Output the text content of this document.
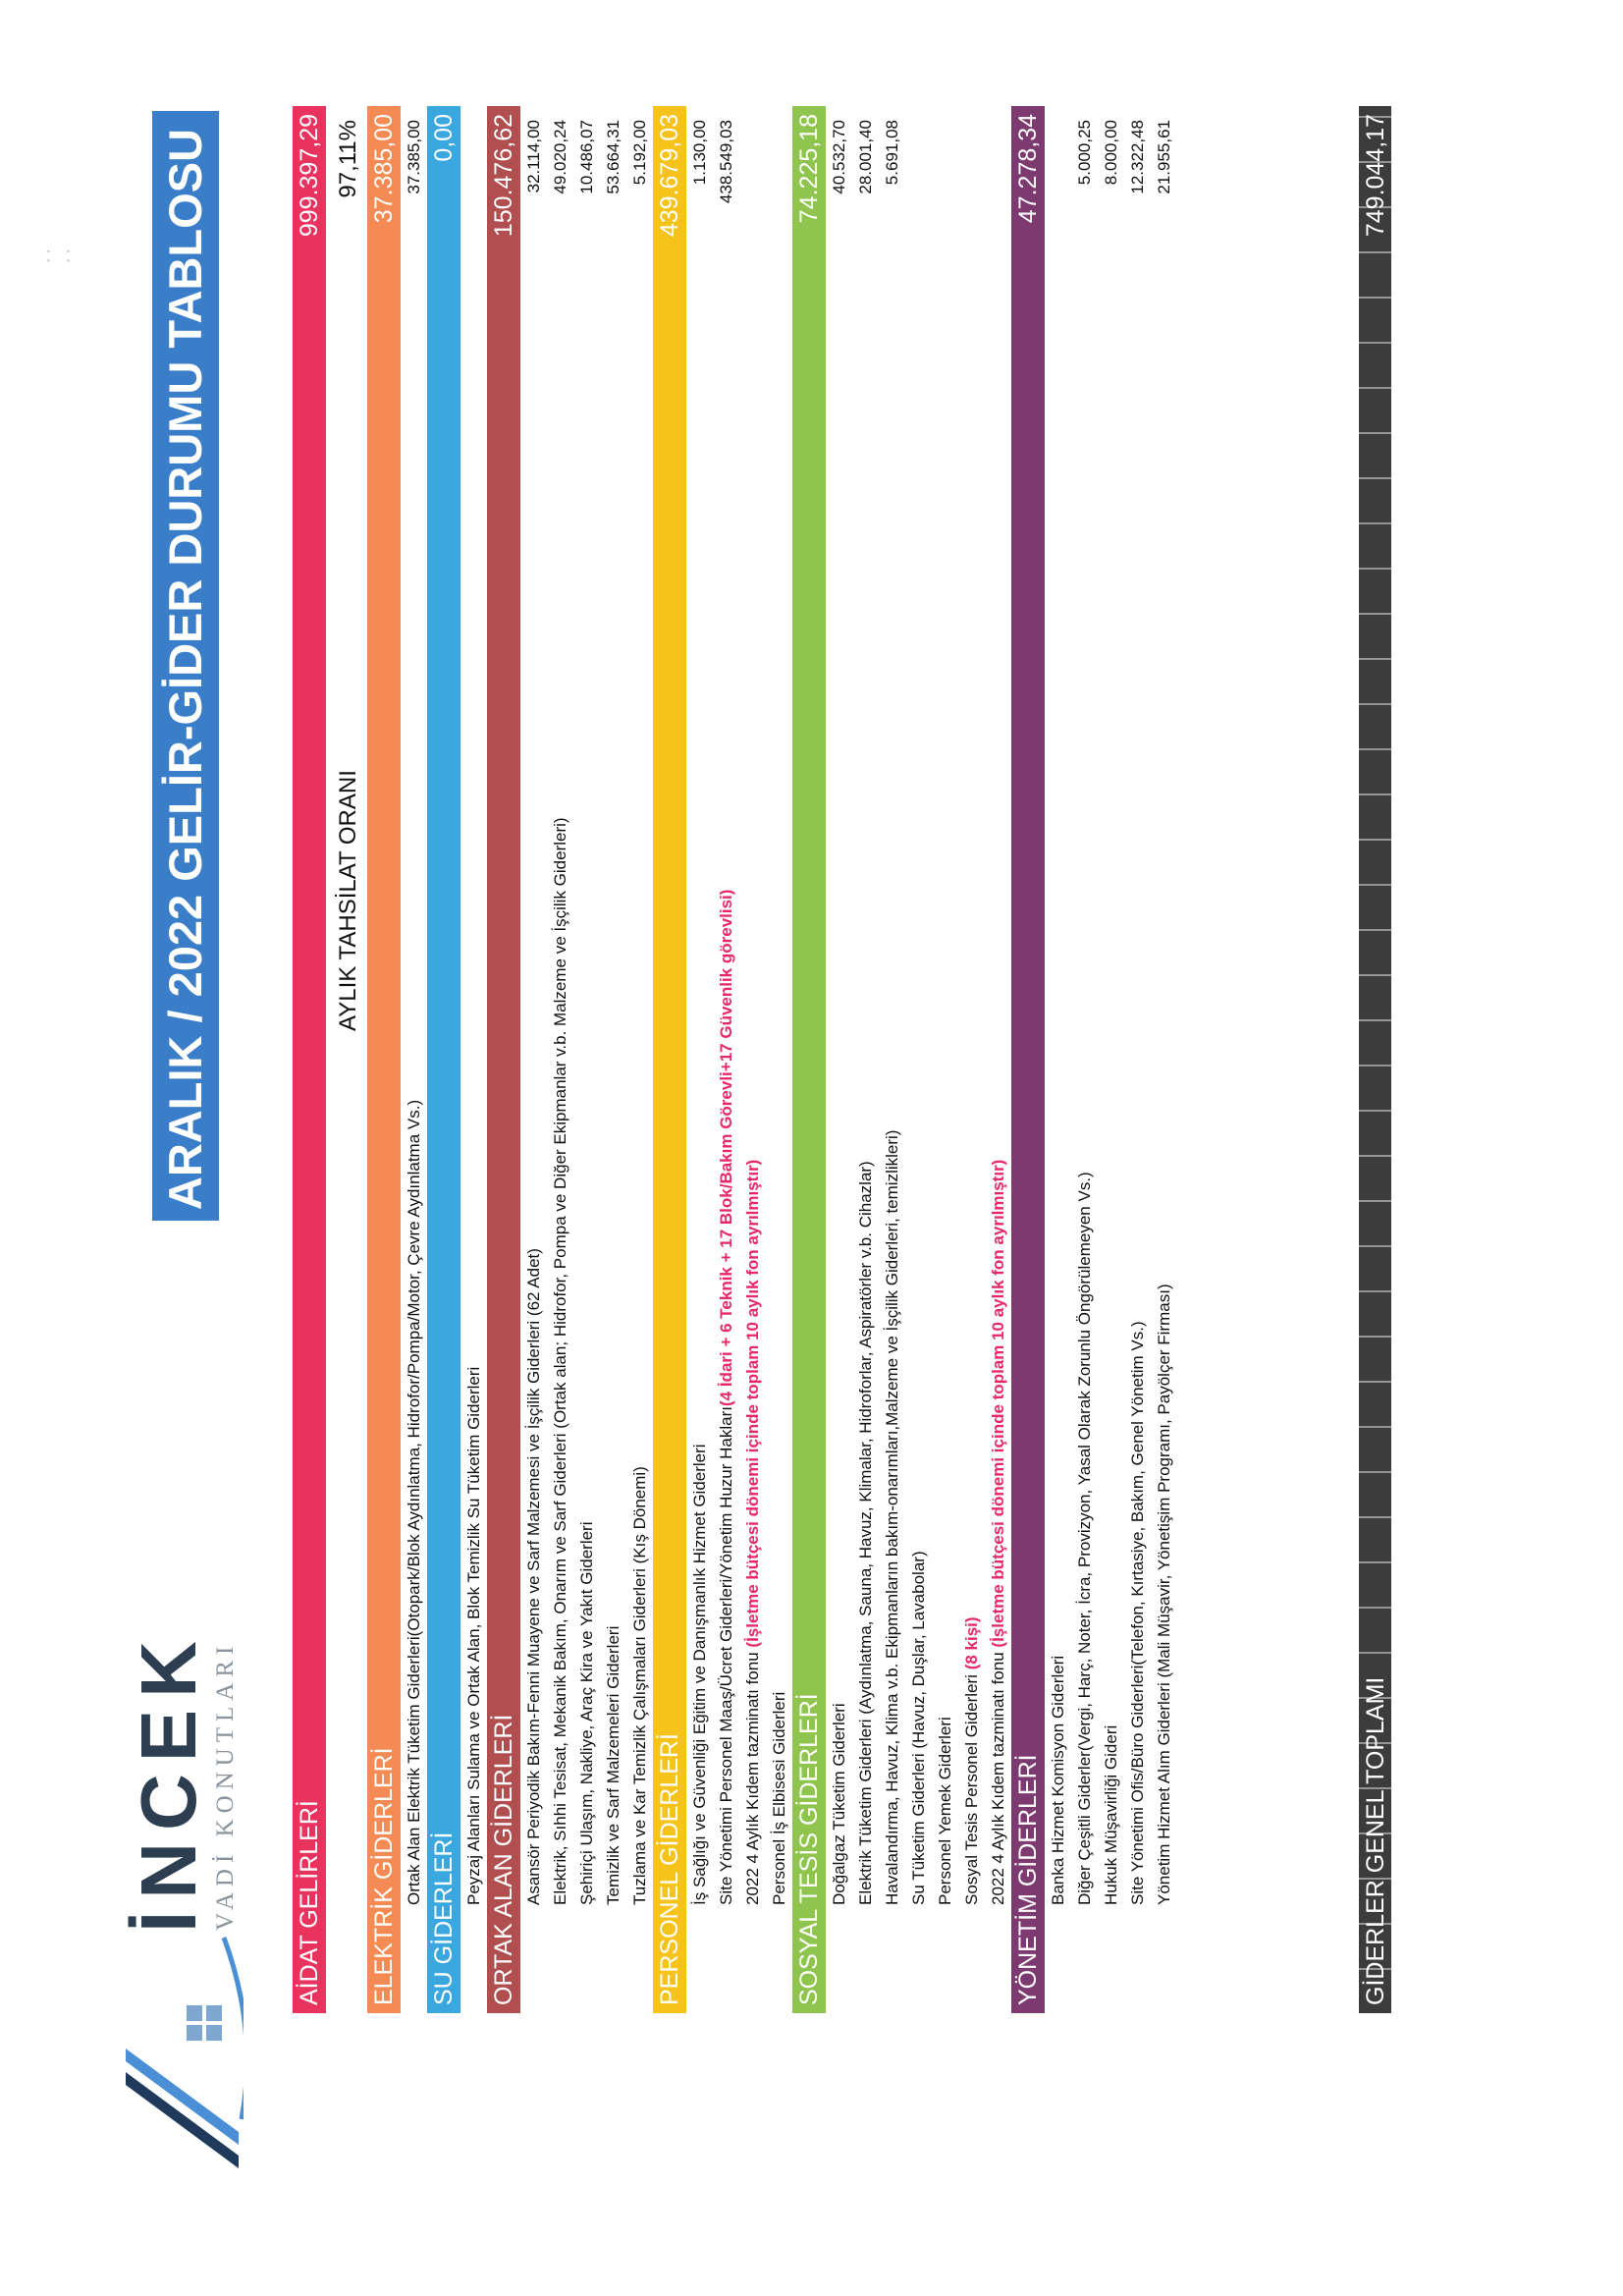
İNCEK VADİ KONUTLARI
ARALIK / 2022 GELİR-GİDER DURUMU TABLOSU
AİDAT GELİRLERİ
999.397,29
AYLIK TAHSİLAT ORANI
97,11%
ELEKTRİK GİDERLERİ
37.385,00
Ortak Alan Elektrik Tüketim Giderleri(Otopark/Blok Aydınlatma, Hidrofor/Pompa/Motor, Çevre Aydınlatma Vs.)
37.385,00
SU GİDERLERİ
0,00
Peyzaj Alanları Sulama ve Ortak Alan, Blok Temizlik Su Tüketim Giderleri ORTAK ALAN GİDERLERİ
150.476,62
Asansör Periyodik Bakım-Fenni Muayene ve Sarf Malzemesi ve İşçilik Giderleri (62 Adet)
32.114,00
Elektrik, Sıhhi Tesisat, Mekanik Bakım, Onarım ve Sarf Giderleri (Ortak alan; Hidrofor, Pompa ve Diğer Ekipmanlar v.b. Malzeme ve İşçilik Giderleri)
49.020,24
Şehiriçi Ulaşım, Nakliye, Araç Kira ve Yakıt Giderleri
10.486,07
Temizlik ve Sarf Malzemeleri Giderleri
53.664,31
Tuzlama ve Kar Temizlik Çalışmaları Giderleri (Kış Dönemi)
5.192,00
PERSONEL GİDERLERİ
439.679,03
İş Sağlığı ve Güvenliği Eğitim ve Danışmanlık Hizmet Giderleri
1.130,00
Site Yönetimi Personel Maaş/Ücret Giderleri/Yönetim Huzur Hakları(4 İdari + 6 Teknik + 17 Blok/Bakım Görevli+17 Güvenlik görevlisi)
438.549,03
2022 4 Aylık Kıdem tazminatı fonu (İşletme bütçesi dönemi içinde toplam 10 aylık fon ayrılmıştır)
Personel İş Elbisesi Giderleri SOSYAL TESİS GİDERLERİ
74.225,18
Doğalgaz Tüketim Giderleri
40.532,70
Elektrik Tüketim Giderleri (Aydınlatma, Sauna, Havuz, Klimalar, Hidroforlar, Aspiratörler v.b. Cihazlar)
28.001,40
Havalandırma, Havuz, Klima v.b. Ekipmanların bakım-onarımları,Malzeme ve İşçilik Giderleri, temizlikleri)
5.691,08
Su Tüketim Giderleri (Havuz, Duşlar, Lavabolar) Personel Yemek Giderleri Sosyal Tesis Personel Giderleri (8 kişi)
2022 4 Aylık Kıdem tazminatı fonu (İşletme bütçesi dönemi içinde toplam 10 aylık fon ayrılmıştır)
YÖNETİM GİDERLERİ
47.278,34
Banka Hizmet Komisyon Giderleri Diğer Çeşitli Giderler(Vergi, Harç, Noter, İcra, Provizyon, Yasal Olarak Zorunlu Öngörülemeyen Vs.)
5.000,25
Hukuk Müşavirliği Gideri
8.000,00
Site Yönetimi Ofis/Büro Giderleri(Telefon, Kırtasiye, Bakım, Genel Yönetim Vs.)
12.322,48
Yönetim Hizmet Alım Giderleri (Mali Müşavir, Yönetişim Programı, Payölçer Firması)
21.955,61
GİDERLER GENEL TOPLAMI
749.044,17
⋅ ⋅ ⋅ ⋅
